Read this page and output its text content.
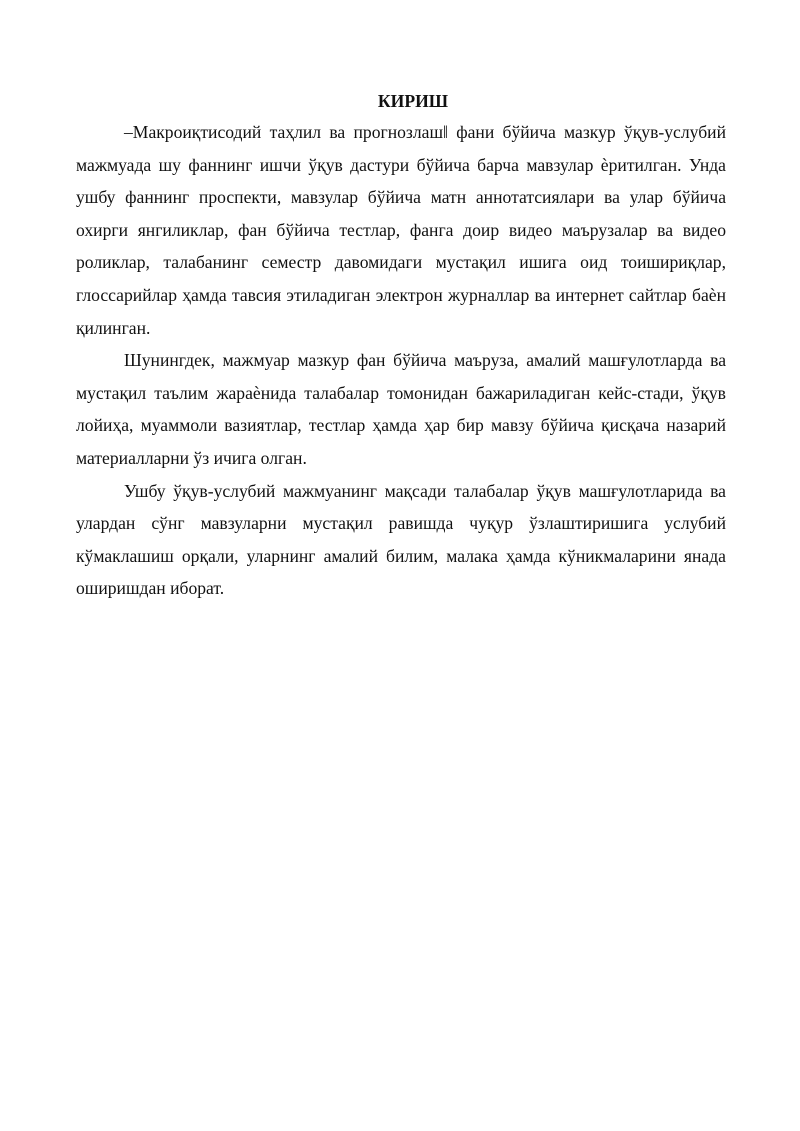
КИРИШ

–Макроиқтисодий таҳлил ва прогнозлаш‖ фани бўйича мазкур ўқув-услубий мажмуада шу фаннинг ишчи ўқув дастури бўйича барча мавзулар ѐритилган. Унда ушбу фаннинг проспекти, мавзулар бўйича матн аннотатсиялари ва улар бўйича охирги янгиликлар, фан бўйича тестлар, фанга доир видео маърузалар ва видео роликлар, талабанинг семестр давомидаги мустақил ишига оид тоишириқлар, глоссарийлар ҳамда тавсия этиладиган электрон журналлар ва интернет сайтлар баѐн қилинган.

Шунингдек, мажмуар мазкур фан бўйича маъруза, амалий машғулотларда ва мустақил таълим жараѐнида талабалар томонидан бажариладиган кейс-стади, ўқув лойиҳа, муаммоли вазиятлар, тестлар ҳамда ҳар бир мавзу бўйича қисқача назарий материалларни ўз ичига олган.

Ушбу ўқув-услубий мажмуанинг мақсади талабалар ўқув машғулотларида ва улардан сўнг мавзуларни мустақил равишда чуқур ўзлаштиришига услубий кўмаклашиш орқали, уларнинг амалий билим, малака ҳамда кўникмаларини янада оширишдан иборат.
